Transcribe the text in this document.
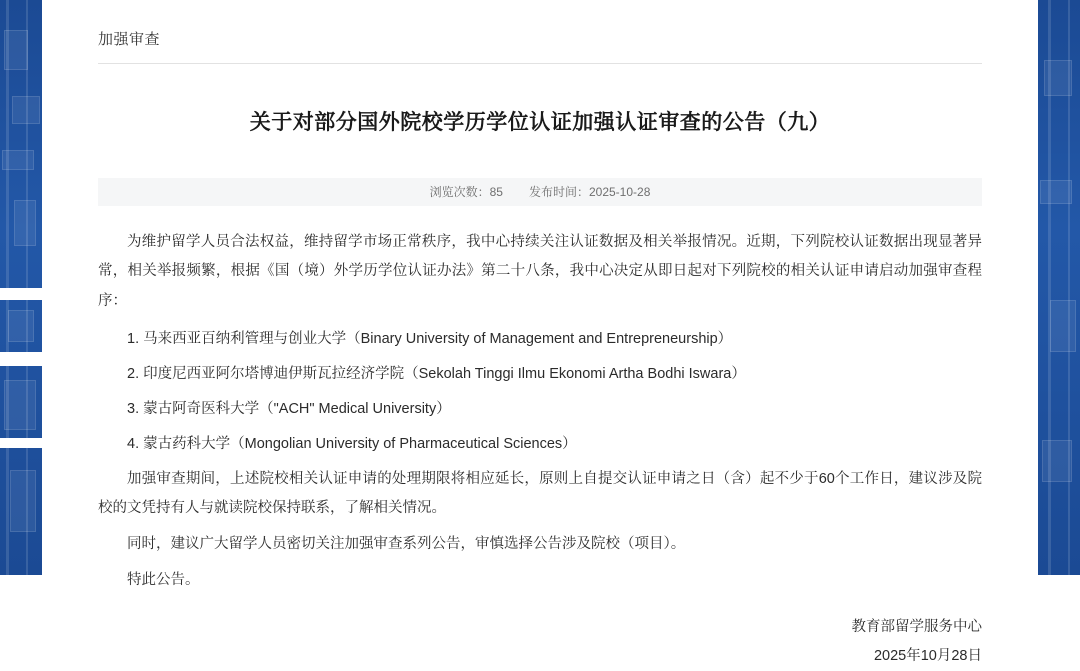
加强审查
关于对部分国外院校学历学位认证加强认证审查的公告（九）
浏览次数：85 发布时间：2025-10-28

为维护留学人员合法权益，维持留学市场正常秩序，我中心持续关注认证数据及相关举报情况。近期，下列院校认证数据出现显著异常，相关举报频繁，根据《国（境）外学历学位认证办法》第二十八条，我中心决定从即日起对下列院校的相关认证申请启动加强审查程序：

1. 马来西亚百纳利管理与创业大学（Binary University of Management and Entrepreneurship）
2. 印度尼西亚阿尔塔博迪伊斯瓦拉经济学院（Sekolah Tinggi Ilmu Ekonomi Artha Bodhi Iswara）
3. 蒙古阿奇医科大学（"ACH" Medical University）
4. 蒙古药科大学（Mongolian University of Pharmaceutical Sciences）

加强审查期间，上述院校相关认证申请的处理期限将相应延长，原则上自提交认证申请之日（含）起不少于60个工作日，建议涉及院校的文凭持有人与就读院校保持联系，了解相关情况。

同时，建议广大留学人员密切关注加强审查系列公告，审慎选择公告涉及院校（项目）。

特此公告。

教育部留学服务中心
2025年10月28日
